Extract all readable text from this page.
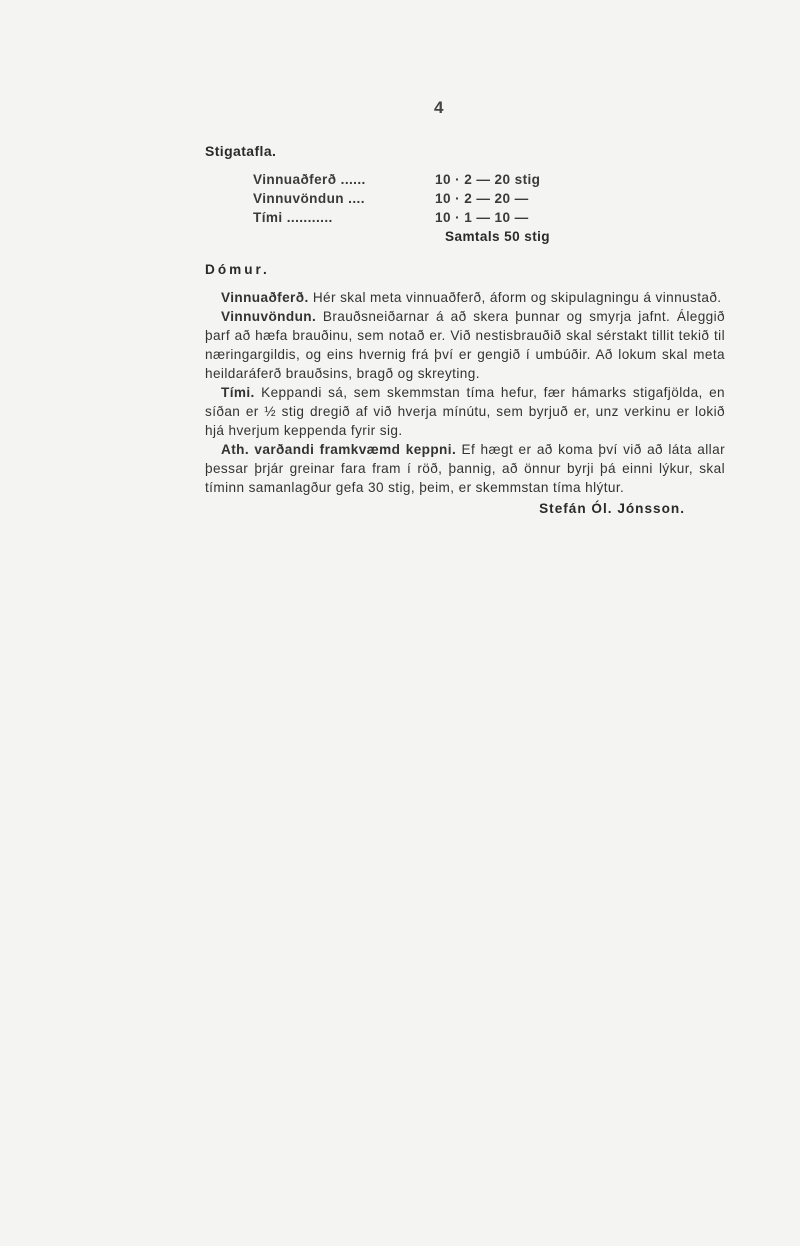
4
Stigatafla.
Vinnuaðferð ......	10 · 2 — 20 stig
Vinnuvöndun ....	10 · 2 — 20 —
Tími ...........	10 · 1 — 10 —
Samtals 50 stig
Dómur.

Vinnuaðferð. Hér skal meta vinnuaðferð, áform og skipulagningu á vinnustað.

Vinnuvöndun. Brauðsneiðarnar á að skera þunnar og smyrja jafnt. Áleggið þarf að hæfa brauðinu, sem notað er. Við nestisbrauðið skal sérstakt tillit tekið til næringargildis, og eins hvernig frá því er gengið í umbúðir. Að lokum skal meta heildaráferð brauðsins, bragð og skreyting.

Tími. Keppandi sá, sem skemmstan tíma hefur, fær hámarks stigafjölda, en síðan er ½ stig dregið af við hverja mínútu, sem byrjuð er, unz verkinu er lokið hjá hverjum keppenda fyrir sig.

Ath. varðandi framkvæmd keppni. Ef hægt er að koma því við að láta allar þessar þrjár greinar fara fram í röð, þannig, að önnur byrji þá einni lýkur, skal tíminn samanlagður gefa 30 stig, þeim, er skemmstan tíma hlýtur.

Stefán Ól. Jónsson.
